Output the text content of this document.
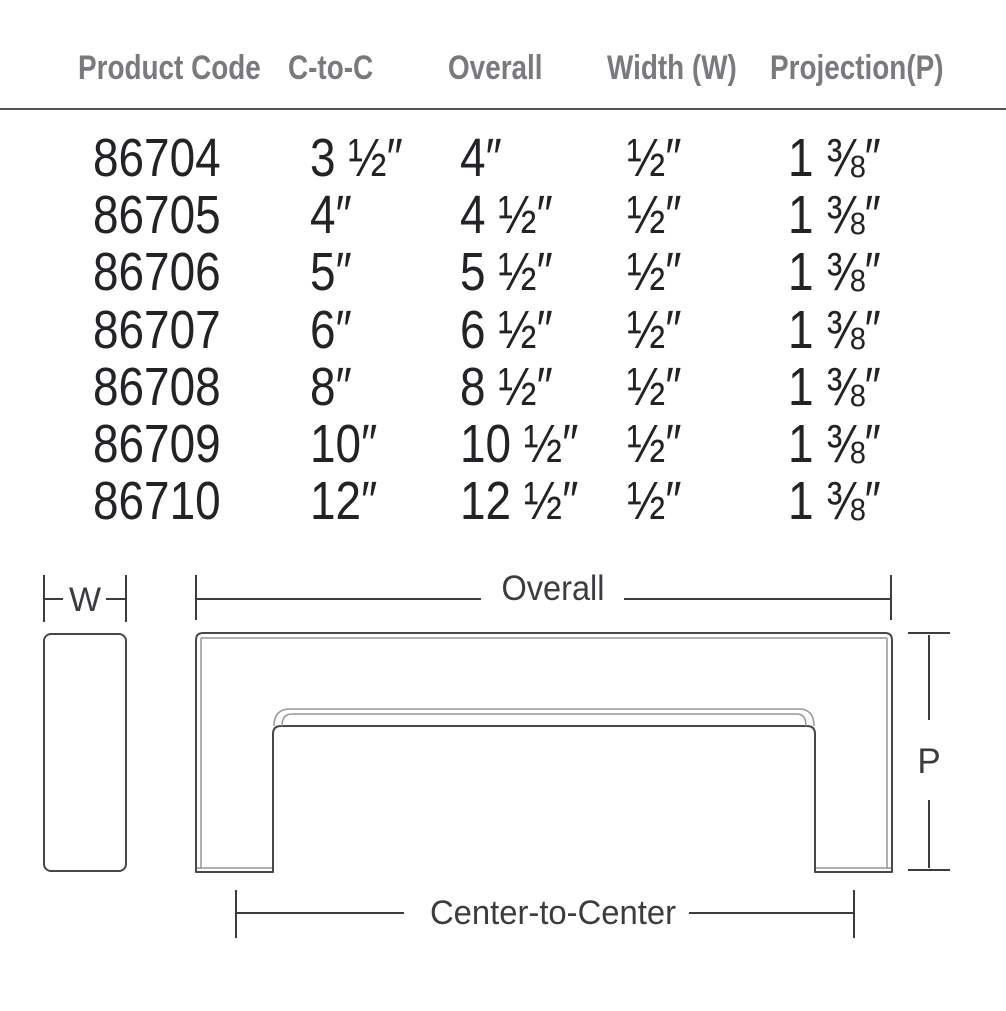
Product Code
86704
86705
86706
86707
86708
86709
86710
C-to-C
3 ½″
4″
5″
6″
8″
10″
12″
Overall
4″
4 ½″
5 ½″
6 ½″
8 ½″
10 ½″
12 ½″
Width (W)
½″
½″
½″
½″
½″
½″
½″
Projection(P)
1 ⅜″
1 ⅜″
1 ⅜″
1 ⅜″
1 ⅜″
1 ⅜″
1 ⅜″
W	Overall
P
Center-to-Center
